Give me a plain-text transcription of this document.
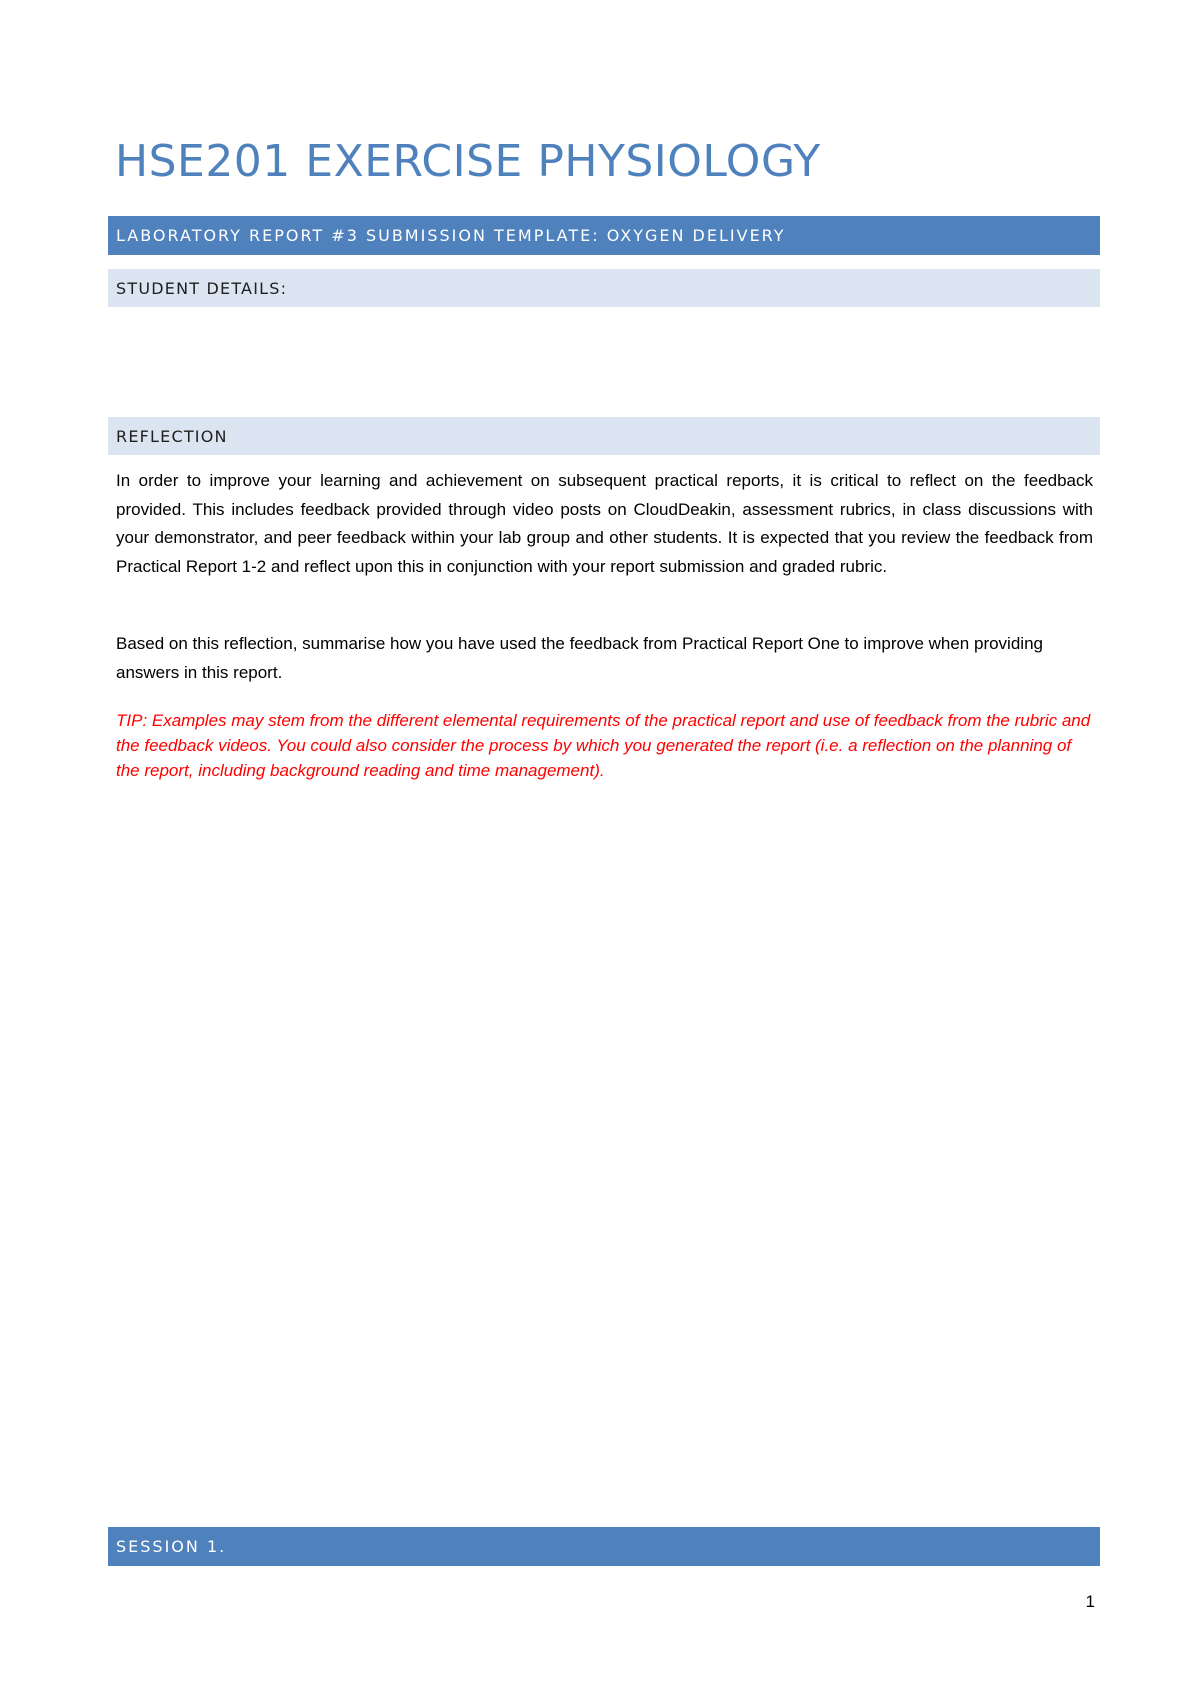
HSE201 EXERCISE PHYSIOLOGY
LABORATORY REPORT #3 SUBMISSION TEMPLATE: OXYGEN DELIVERY
STUDENT DETAILS:
REFLECTION

In order to improve your learning and achievement on subsequent practical reports, it is critical to reflect on the feedback provided. This includes feedback provided through video posts on CloudDeakin, assessment rubrics, in class discussions with your demonstrator, and peer feedback within your lab group and other students. It is expected that you review the feedback from Practical Report 1-2 and reflect upon this in conjunction with your report submission and graded rubric.

Based on this reflection, summarise how you have used the feedback from Practical Report One to improve when providing answers in this report.

TIP: Examples may stem from the different elemental requirements of the practical report and use of feedback from the rubric and the feedback videos. You could also consider the process by which you generated the report (i.e. a reflection on the planning of the report, including background reading and time management).

SESSION 1.
1
